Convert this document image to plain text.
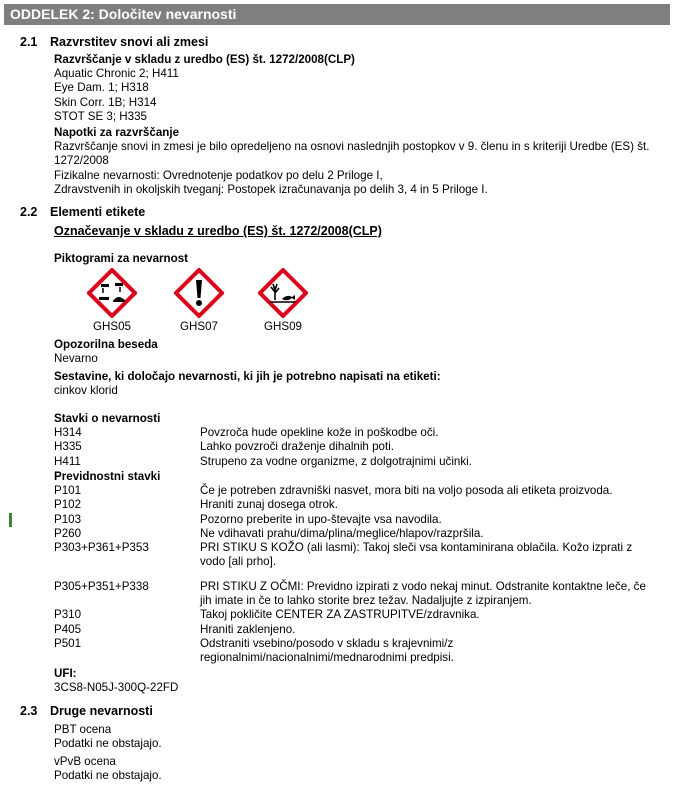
ODDELEK 2: Določitev nevarnosti
2.1 Razvrstitev snovi ali zmesi
Razvrščanje v skladu z uredbo (ES) št. 1272/2008(CLP)
Aquatic Chronic 2; H411
Eye Dam. 1; H318
Skin Corr. 1B; H314
STOT SE 3; H335
Napotki za razvrščanje
Razvrščanje snovi in zmesi je bilo opredeljeno na osnovi naslednjih postopkov v 9. členu in s kriteriji Uredbe (ES) št.
1272/2008
Fizikalne nevarnosti: Ovrednotenje podatkov po delu 2 Priloge I,
Zdravstvenih in okoljskih tveganj: Postopek izračunavanja po delih 3, 4 in 5 Priloge I.
2.2 Elementi etikete
Označevanje v skladu z uredbo (ES) št. 1272/2008(CLP)
Piktogrami za nevarnost
GHS05	GHS07	GHS09
Opozorilna beseda
Nevarno
Sestavine, ki določajo nevarnosti, ki jih je potrebno napisati na etiketi:
cinkov klorid
Stavki o nevarnosti
H314	Povzroča hude opekline kože in poškodbe oči.
H335	Lahko povzroči draženje dihalnih poti.
H411	Strupeno za vodne organizme, z dolgotrajnimi učinki.
Previdnostni stavki
P101	Če je potreben zdravniški nasvet, mora biti na voljo posoda ali etiketa proizvoda.
P102	Hraniti zunaj dosega otrok.
P103	Pozorno preberite in upo-števajte vsa navodila.
P260	Ne vdihavati prahu/dima/plina/meglice/hlapov/razpršila.
P303+P361+P353	PRI STIKU S KOŽO (ali lasmi): Takoj sleči vsa kontaminirana oblačila. Kožo izprati z
vodo [ali prho].
P305+P351+P338	PRI STIKU Z OČMI: Previdno izpirati z vodo nekaj minut. Odstranite kontaktne leče, če
jih imate in če to lahko storite brez težav. Nadaljujte z izpiranjem.
P310	Takoj pokličite CENTER ZA ZASTRUPITVE/zdravnika.
P405	Hraniti zaklenjeno.
P501	Odstraniti vsebino/posodo v skladu s krajevnimi/z
regionalnimi/nacionalnimi/mednarodnimi predpisi.
UFI:
3CS8-N05J-300Q-22FD
2.3 Druge nevarnosti
PBT ocena
Podatki ne obstajajo.
vPvB ocena
Podatki ne obstajajo.
